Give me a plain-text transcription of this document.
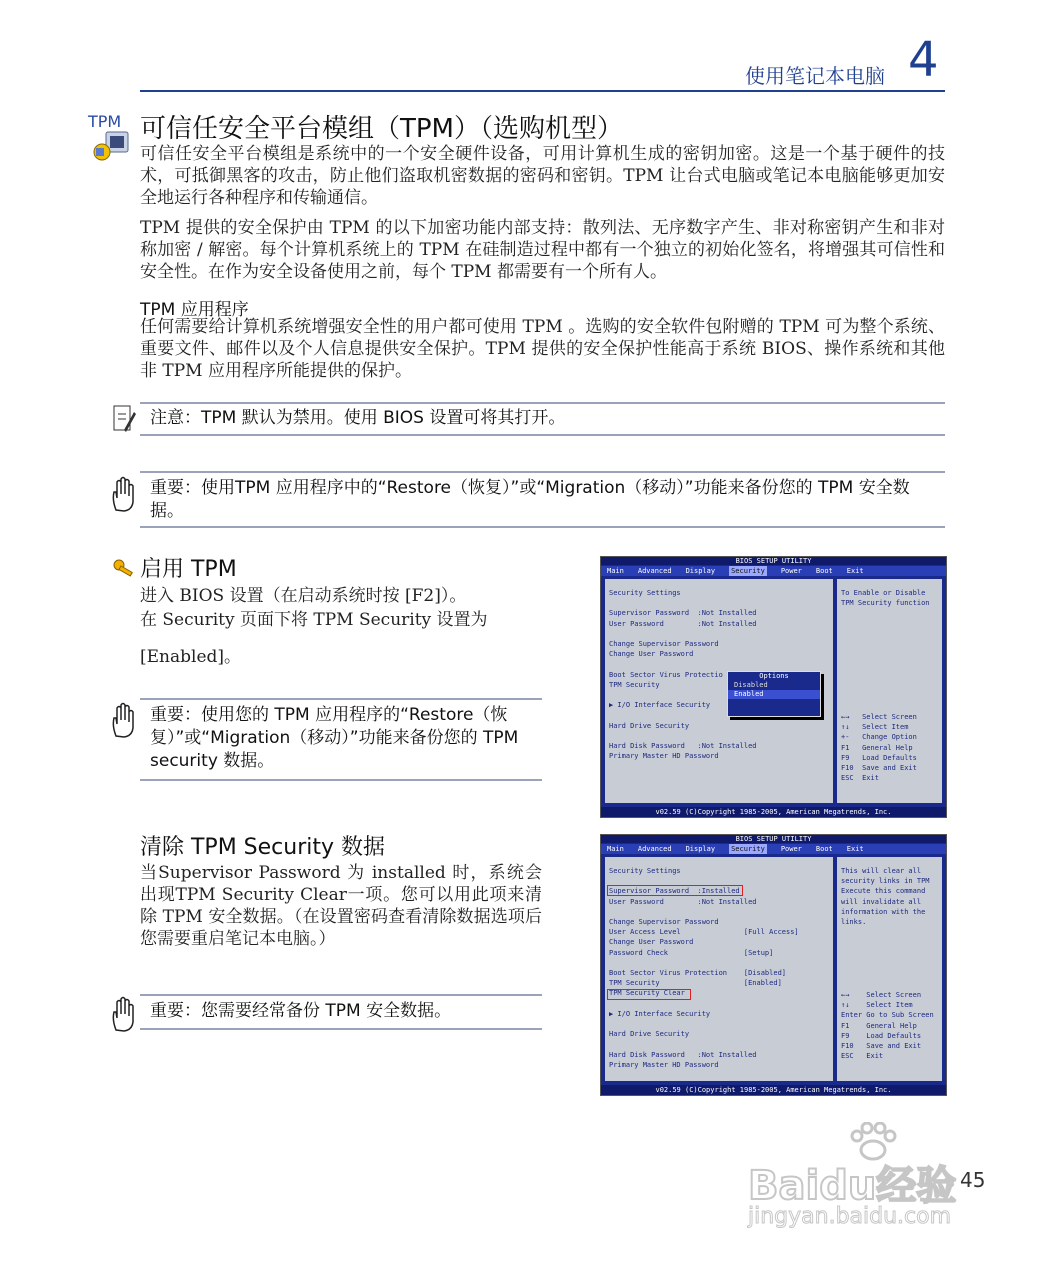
使用笔记本电脑 4
TPM 可信任安全平台模组（TPM）（选购机型）
可信任安全平台模组是系统中的一个安全硬件设备，可用计算机生成的密钥加密。这是一个基于硬件的技术，可抵御黑客的攻击，防止他们盗取机密数据的密码和密钥。TPM 让台式电脑或笔记本电脑能够更加安全地运行各种程序和传输通信。
TPM 提供的安全保护由 TPM 的以下加密功能内部支持：散列法、无序数字产生、非对称密钥产生和非对称加密 / 解密。每个计算机系统上的 TPM 在硅制造过程中都有一个独立的初始化签名，将增强其可信性和安全性。在作为安全设备使用之前，每个 TPM 都需要有一个所有人。
TPM 应用程序
任何需要给计算机系统增强安全性的用户都可使用 TPM 。选购的安全软件包附赠的 TPM 可为整个系统、重要文件、邮件以及个人信息提供安全保护。TPM 提供的安全保护性能高于系统 BIOS、操作系统和其他非 TPM 应用程序所能提供的保护。
注意：TPM 默认为禁用。使用 BIOS 设置可将其打开。
重要：使用TPM 应用程序中的“Restore（恢复）”或“Migration（移动）”功能来备份您的 TPM 安全数据。
启用 TPM
进入 BIOS 设置（在启动系统时按 [F2]）。
在 Security 页面下将 TPM Security 设置为
[Enabled]。
重要：使用您的 TPM 应用程序的“Restore（恢复）”或“Migration（移动）”功能来备份您的 TPM security 数据。
清除 TPM Security 数据
当Supervisor Password 为 installed 时，系统会出现TPM Security Clear一项。您可以用此项来清除 TPM 安全数据。（在设置密码查看清除数据选项后您需要重启笔记本电脑。）
重要：您需要经常备份 TPM 安全数据。
BIOS SETUP UTILITY
Main Advanced Display Security Power Boot Exit
Security Settings
Supervisor Password  :Not Installed
User Password        :Not Installed
Change Supervisor Password
Change User Password
Boot Sector Virus Protectio
TPM Security
▶ I/O Interface Security
Hard Drive Security
Hard Disk Password   :Not Installed
Primary Master HD Password
To Enable or Disable
TPM Security function
←→   Select Screen
↑↓   Select Item
+-   Change Option
F1   General Help
F9   Load Defaults
F10  Save and Exit
ESC  Exit
Options
Disabled
Enabled
v02.59 (C)Copyright 1985-2005, American Megatrends, Inc.
BIOS SETUP UTILITY
Main Advanced Display Security Power Boot Exit
Security Settings
Supervisor Password  :Installed
User Password        :Not Installed
Change Supervisor Password
User Access Level               [Full Access]
Change User Password
Password Check                  [Setup]
Boot Sector Virus Protection    [Disabled]
TPM Security                    [Enabled]
TPM Security Clear
▶ I/O Interface Security
Hard Drive Security
Hard Disk Password   :Not Installed
Primary Master HD Password
This will clear all
security links in TPM
Execute this command
will invalidate all
information with the
links.
←→    Select Screen
↑↓    Select Item
Enter Go to Sub Screen
F1    General Help
F9    Load Defaults
F10   Save and Exit
ESC   Exit
v02.59 (C)Copyright 1985-2005, American Megatrends, Inc.
Baidu经验
jingyan.baidu.com
45
